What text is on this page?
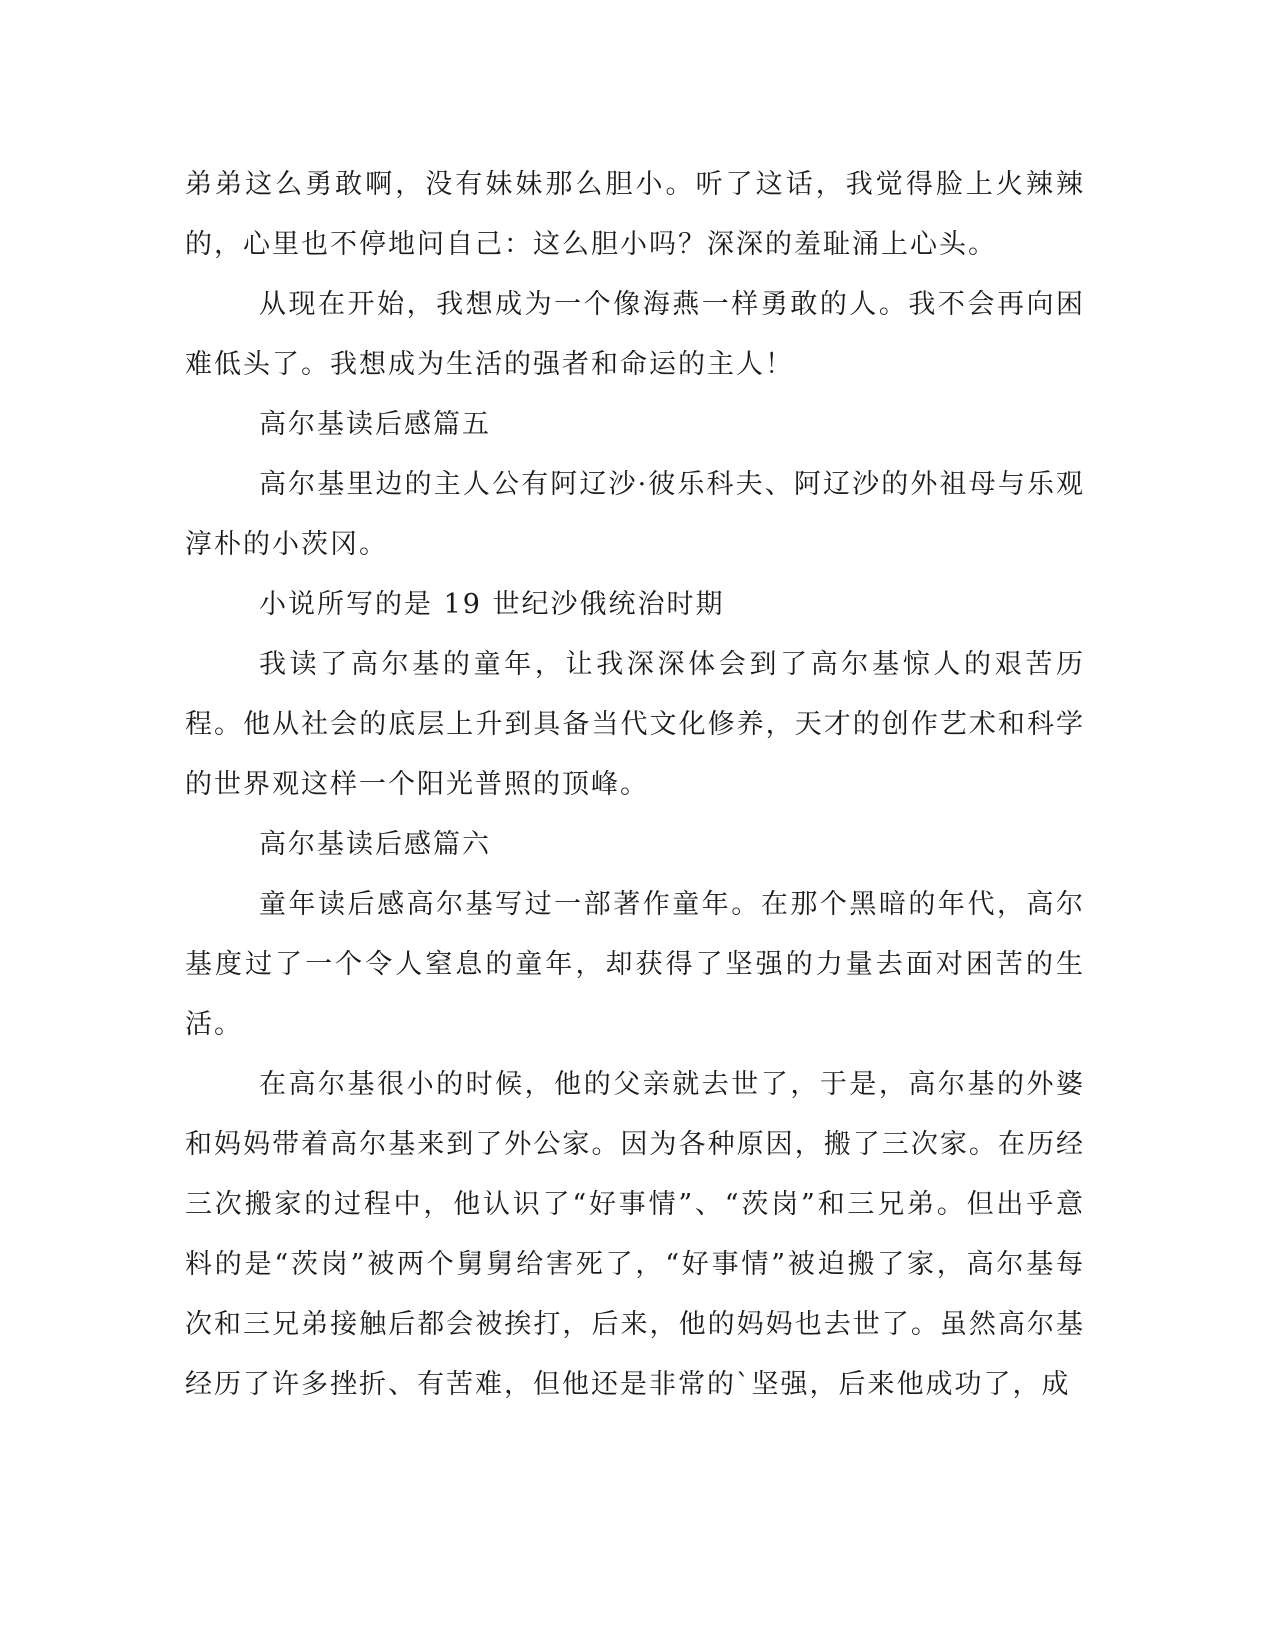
弟弟这么勇敢啊，没有妹妹那么胆小。听了这话，我觉得脸上火辣辣的，心里也不停地问自己：这么胆小吗？深深的羞耻涌上心头。

从现在开始，我想成为一个像海燕一样勇敢的人。我不会再向困难低头了。我想成为生活的强者和命运的主人！

高尔基读后感篇五

高尔基里边的主人公有阿辽沙·彼乐科夫、阿辽沙的外祖母与乐观淳朴的小茨冈。

小说所写的是 19 世纪沙俄统治时期

我读了高尔基的童年，让我深深体会到了高尔基惊人的艰苦历程。他从社会的底层上升到具备当代文化修养，天才的创作艺术和科学的世界观这样一个阳光普照的顶峰。

高尔基读后感篇六

童年读后感高尔基写过一部著作童年。在那个黑暗的年代，高尔基度过了一个令人窒息的童年，却获得了坚强的力量去面对困苦的生活。

在高尔基很小的时候，他的父亲就去世了，于是，高尔基的外婆和妈妈带着高尔基来到了外公家。因为各种原因，搬了三次家。在历经三次搬家的过程中，他认识了“好事情”、“茨岗”和三兄弟。但出乎意料的是“茨岗”被两个舅舅给害死了，“好事情”被迫搬了家，高尔基每次和三兄弟接触后都会被挨打，后来，他的妈妈也去世了。虽然高尔基经历了许多挫折、有苦难，但他还是非常的`坚强，后来他成功了，成
